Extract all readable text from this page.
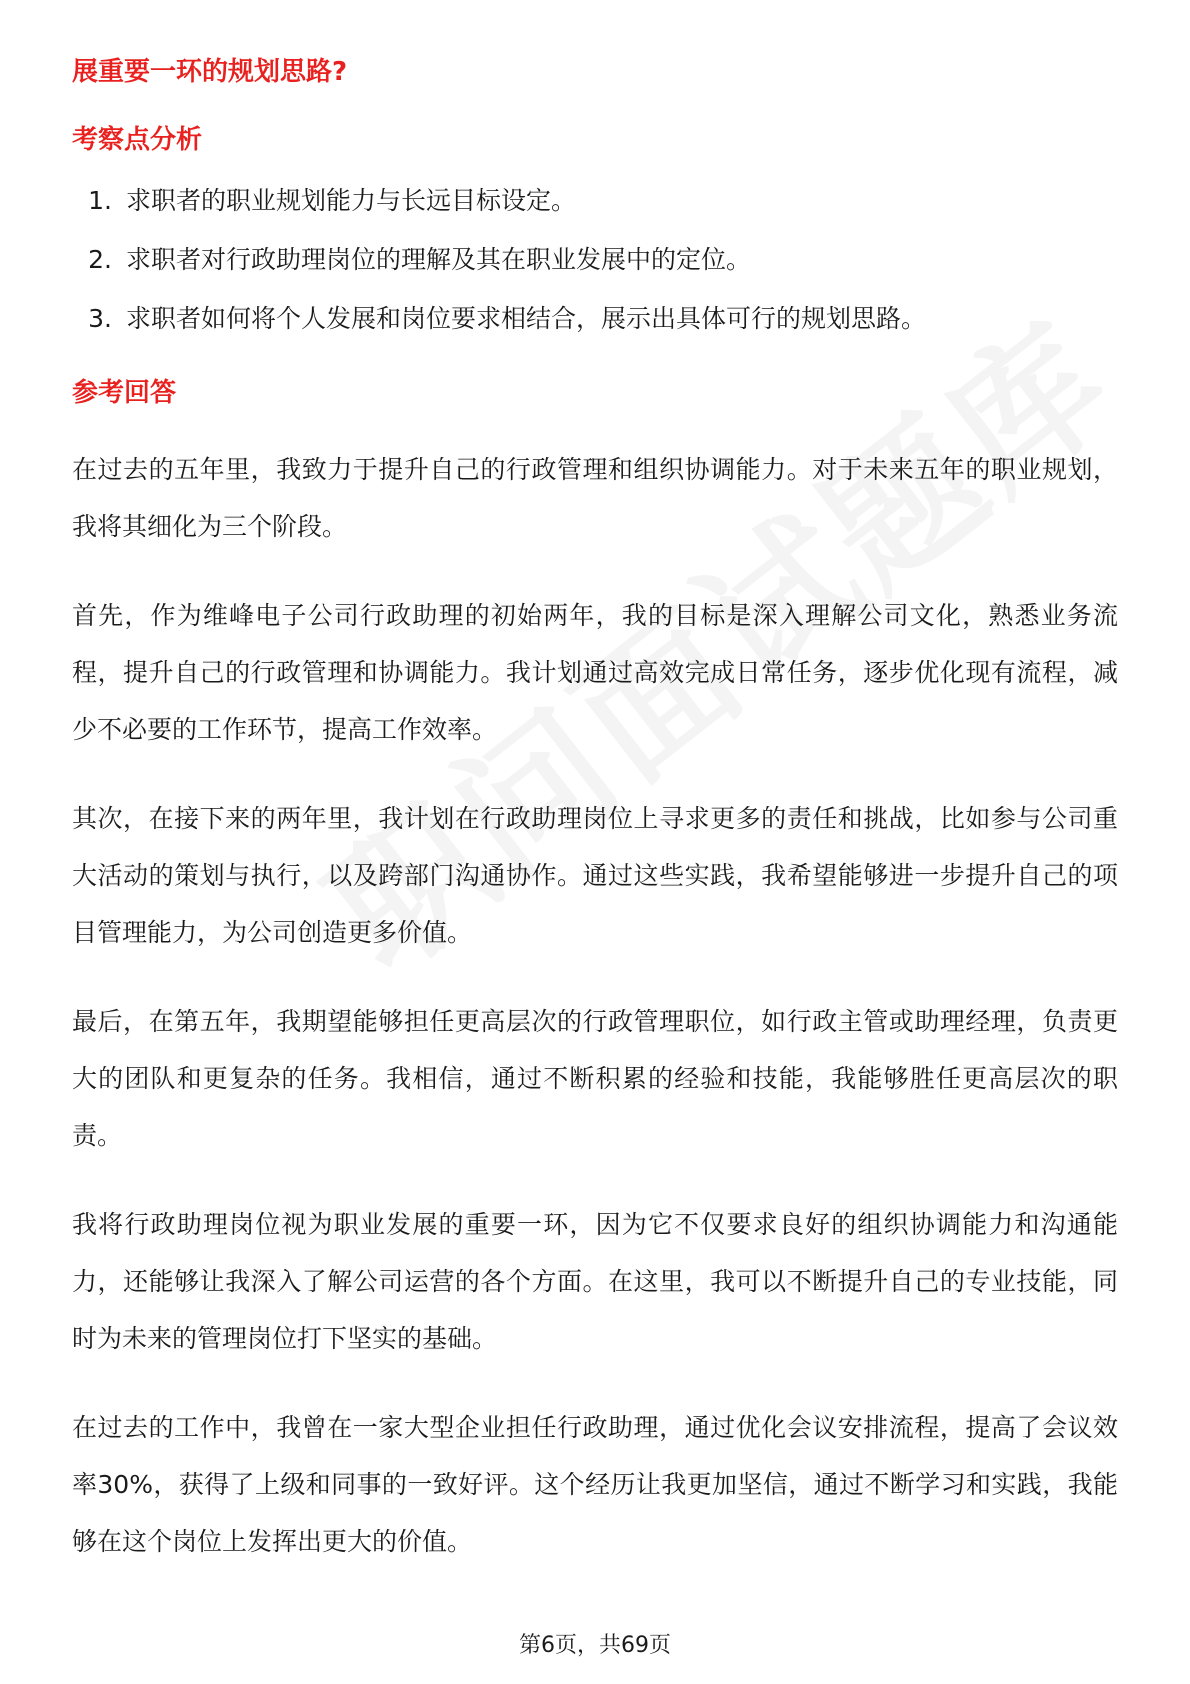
展重要一环的规划思路?

考察点分析

1. 求职者的职业规划能力与长远目标设定。
2. 求职者对行政助理岗位的理解及其在职业发展中的定位。
3. 求职者如何将个人发展和岗位要求相结合，展示出具体可行的规划思路。

参考回答

在过去的五年里，我致力于提升自己的行政管理和组织协调能力。对于未来五年的职业规划，我将其细化为三个阶段。

首先，作为维峰电子公司行政助理的初始两年，我的目标是深入理解公司文化，熟悉业务流程，提升自己的行政管理和协调能力。我计划通过高效完成日常任务，逐步优化现有流程，减少不必要的工作环节，提高工作效率。

其次，在接下来的两年里，我计划在行政助理岗位上寻求更多的责任和挑战，比如参与公司重大活动的策划与执行，以及跨部门沟通协作。通过这些实践，我希望能够进一步提升自己的项目管理能力，为公司创造更多价值。

最后，在第五年，我期望能够担任更高层次的行政管理职位，如行政主管或助理经理，负责更大的团队和更复杂的任务。我相信，通过不断积累的经验和技能，我能够胜任更高层次的职责。

我将行政助理岗位视为职业发展的重要一环，因为它不仅要求良好的组织协调能力和沟通能力，还能够让我深入了解公司运营的各个方面。在这里，我可以不断提升自己的专业技能，同时为未来的管理岗位打下坚实的基础。

在过去的工作中，我曾在一家大型企业担任行政助理，通过优化会议安排流程，提高了会议效率30%，获得了上级和同事的一致好评。这个经历让我更加坚信，通过不断学习和实践，我能够在这个岗位上发挥出更大的价值。

第6页，共69页
